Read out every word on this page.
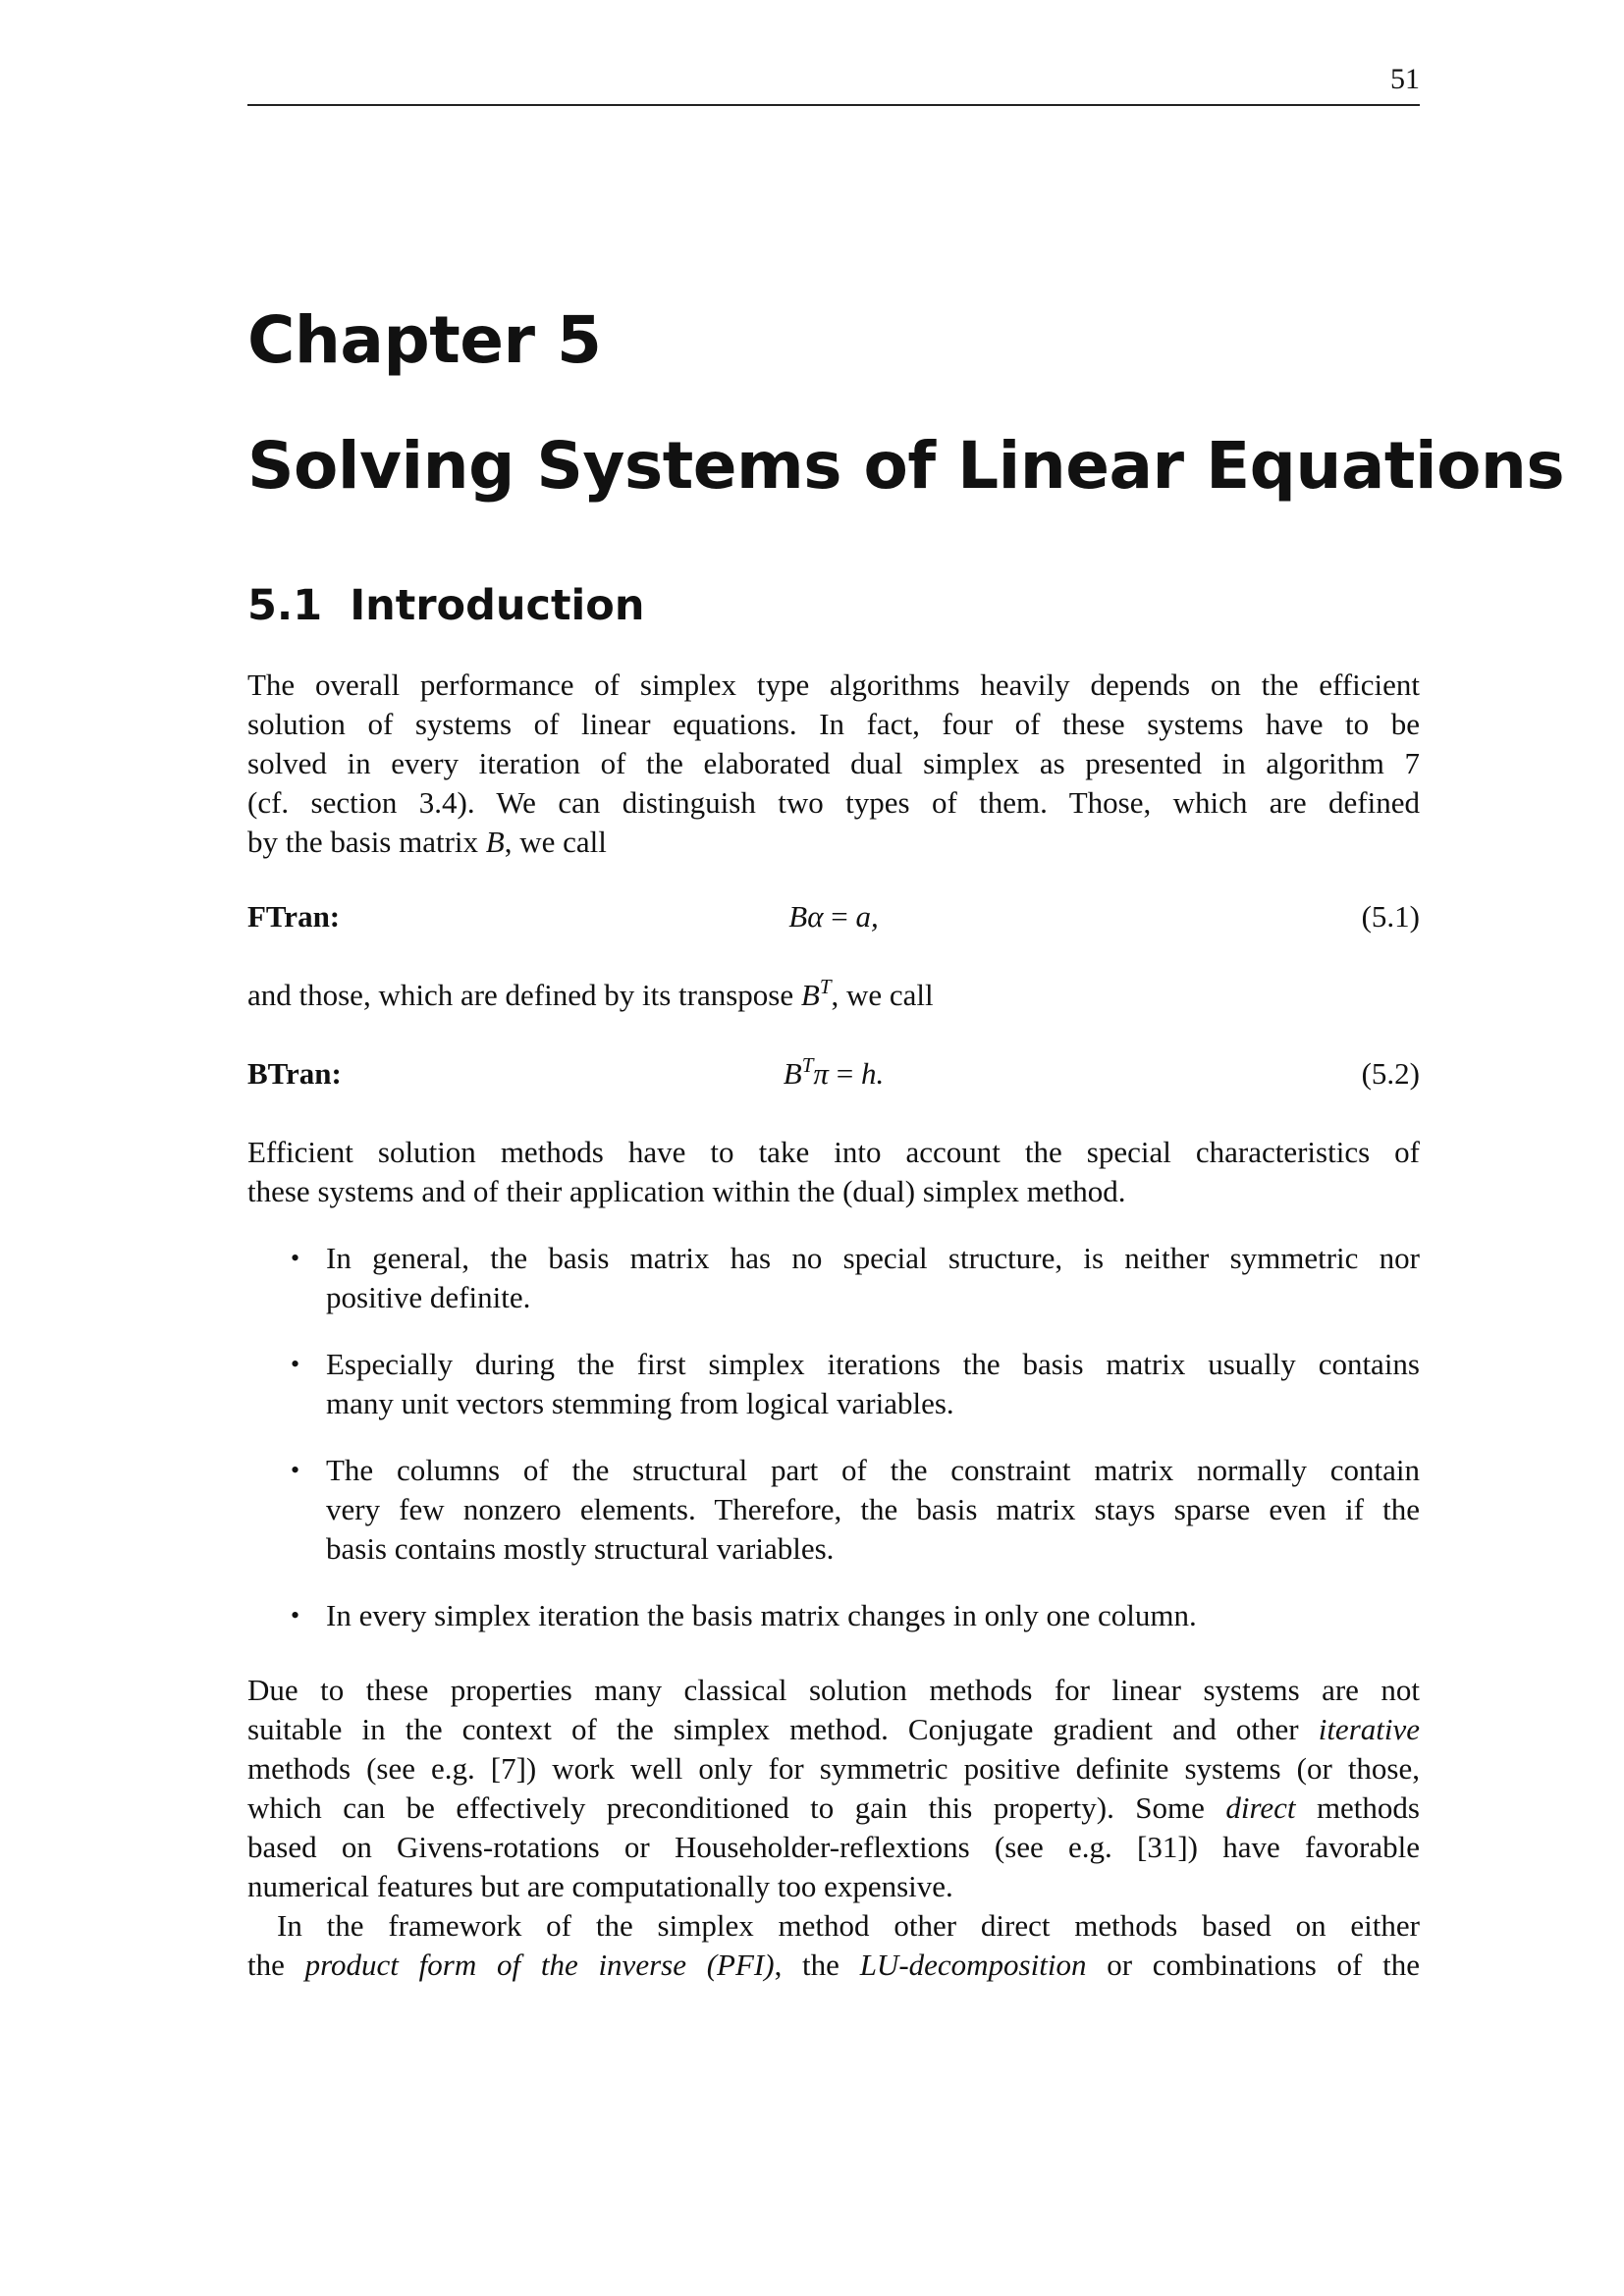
51
Chapter 5
Solving Systems of Linear Equations
5.1 Introduction
The overall performance of simplex type algorithms heavily depends on the efficient
solution of systems of linear equations. In fact, four of these systems have to be
solved in every iteration of the elaborated dual simplex as presented in algorithm 7
(cf. section 3.4). We can distinguish two types of them. Those, which are defined
by the basis matrix B, we call
Bα = a,
FTran:	(5.1)
and those, which are defined by its transpose $B^T$, we call
$B^T\pi = h$.
BTran:	(5.2)
Efficient solution methods have to take into account the special characteristics of
these systems and of their application within the (dual) simplex method.
• In general, the basis matrix has no special structure, is neither symmetric nor
positive definite.
• Especially during the first simplex iterations the basis matrix usually contains
many unit vectors stemming from logical variables.
• The columns of the structural part of the constraint matrix normally contain
very few nonzero elements. Therefore, the basis matrix stays sparse even if the
basis contains mostly structural variables.
• In every simplex iteration the basis matrix changes in only one column.
Due to these properties many classical solution methods for linear systems are not
suitable in the context of the simplex method. Conjugate gradient and other iterative
methods (see e.g. [7]) work well only for symmetric positive definite systems (or those,
which can be effectively preconditioned to gain this property). Some direct methods
based on Givens-rotations or Householder-reflextions (see e.g. [31]) have favorable
numerical features but are computationally too expensive.
In the framework of the simplex method other direct methods based on either
the product form of the inverse (PFI), the LU-decomposition or combinations of the
